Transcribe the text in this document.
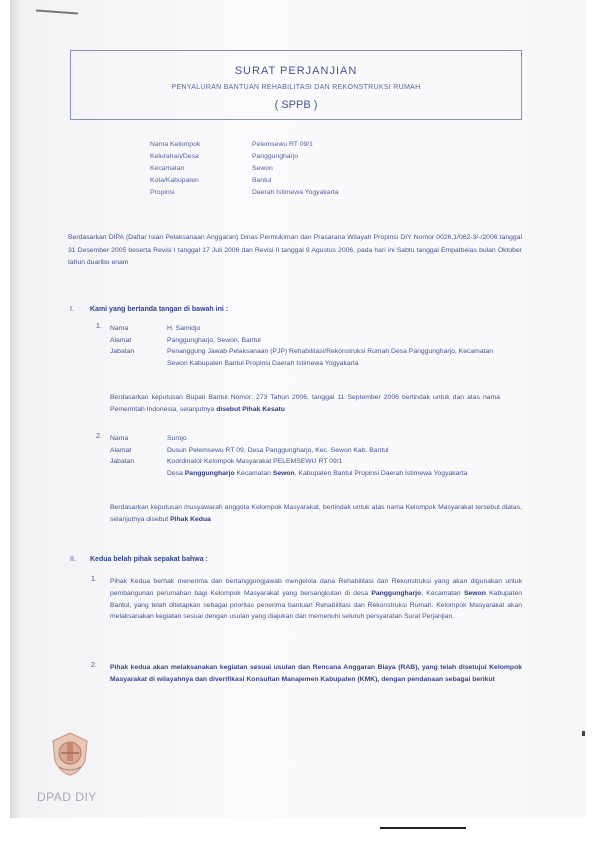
SURAT PERJANJIAN
PENYALURAN BANTUAN REHABILITASI DAN REKONSTRUKSI RUMAH
( SPPB )
Nama Kelompok	Pelemsewu RT 09/1
Kelurahan/Desa	Panggungharjo
Kecamatan	Sewon
Kota/Kabupaten	Bantul
Propinsi	Daerah Istimewa Yogyakarta
Berdasarkan DIPA (Daftar Isian Pelaksanaan Anggaran) Dinas Permukiman dan Prasarana Wilayah Propinsi DIY Nomor 0026.1/062-3/-/2006 tanggal 31 Desember 2005 beserta Revisi I tanggal 17 Juli 2006 dan Revisi II tanggal 9 Agustus 2006, pada hari ini Sabtu tanggal Empatbelas bulan Oktober tahun duaribu enam
I. Kami yang bertanda tangan di bawah ini :
1. Nama	H. Samidjo
Alamat	Panggungharjo, Sewon, Bantul
Jabatan	Penanggung Jawab Pelaksanaan (PJP) Rehabilitasi/Rekonstruksi Rumah Desa Panggungharjo, Kecamatan Sewon Kabupaten Bantul Propinsi Daerah Istimewa Yogyakarta
Berdasarkan keputusan Bupati Bantul Nomor: 273 Tahun 2006, tanggal 11 September 2006 bertindak untuk dan atas nama Pemerintah Indonesia, selanjutnya disebut Pihak Kesatu
2. Nama	Surojo
Alamat	Dusun Pelemsewu RT 09, Desa Panggungharjo, Kec. Sewon Kab. Bantul
Jabatan	Koordinator Kelompok Masyarakat PELEMSEWU RT 09/1
Desa Panggungharjo Kecamatan Sewon, Kabupaten Bantul Propinsi Daerah Istimewa Yogyakarta
Berdasarkan keputusan musyawarah anggota Kelompok Masyarakat, bertindak untuk atas nama Kelompok Masyarakat tersebut diatas, selanjutnya disebut Pihak Kedua
II. Kedua belah pihak sepakat bahwa :
1. Pihak Kedua berhak menerima dan bertanggungjawab mengelola dana Rehabilitasi dan Rekonstruksi yang akan digunakan untuk pembangunan perumahan bagi Kelompok Masyarakat yang bersangkutan di desa Panggungharjo, Kecamatan Sewon Kabupaten Bantul, yang telah ditetapkan sebagai prioritas penerima bantuan Rehabilitasi dan Rekonstruksi Rumah. Kelompok Masyarakat akan melaksanakan kegiatan sesuai dengan usulan yang diajukan dan memenuhi seluruh persyaratan Surat Perjanjian.
2. Pihak kedua akan melaksanakan kegiatan sesuai usulan dan Rencana Anggaran Biaya (RAB), yang telah disetujui Kelompok Masyarakat di wilayahnya dan diverifikasi Konsultan Manajemen Kabupaten (KMK), dengan pendanaan sebagai berikut
DPAD DIY
